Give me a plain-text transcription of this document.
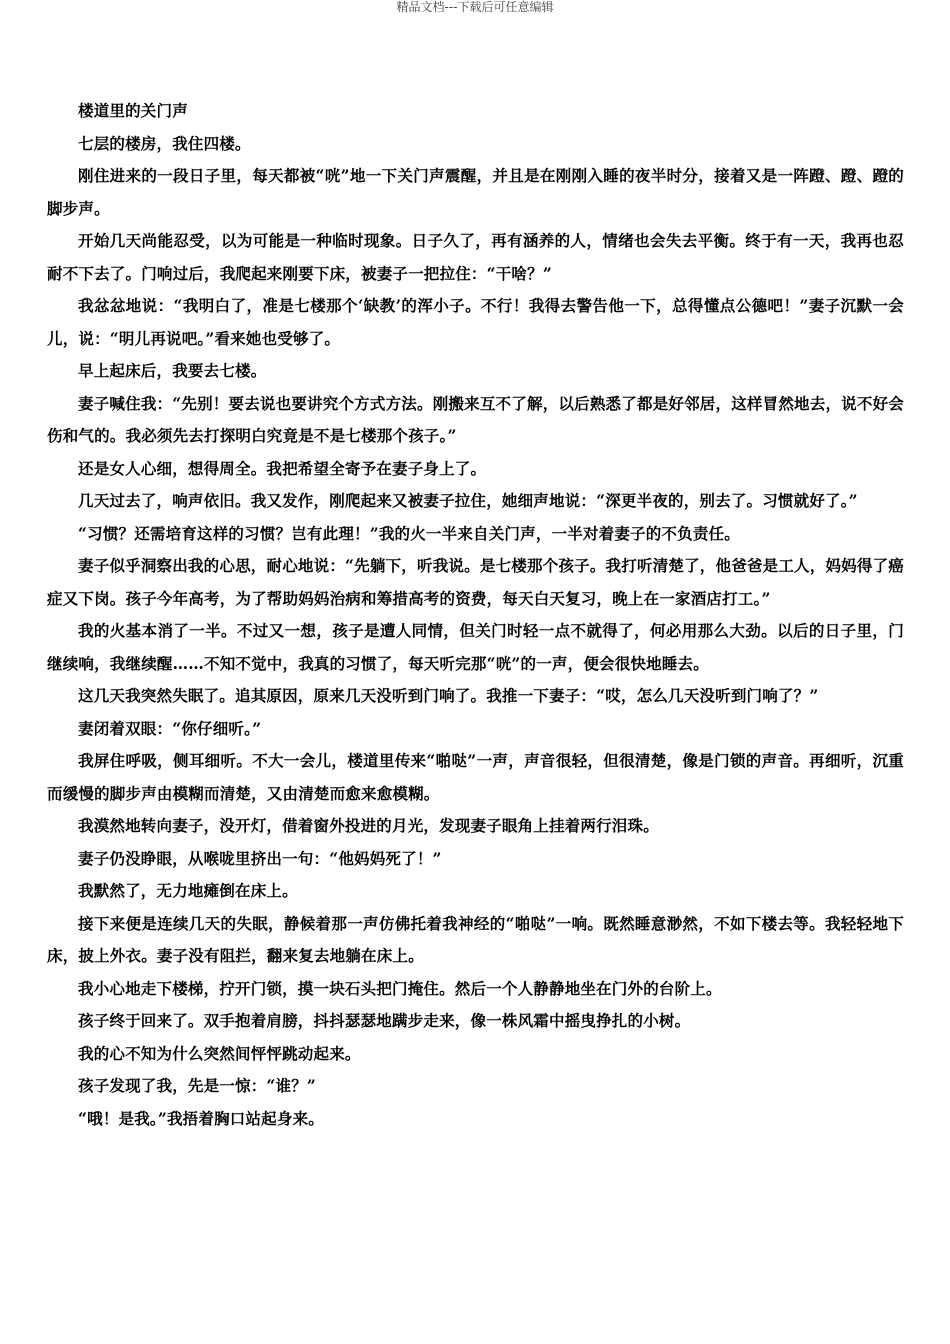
精品文档---下载后可任意编辑

楼道里的关门声

七层的楼房，我住四楼。

刚住进来的一段日子里，每天都被“咣”地一下关门声震醒，并且是在刚刚入睡的夜半时分，接着又是一阵蹬、蹬、蹬的脚步声。

开始几天尚能忍受，以为可能是一种临时现象。日子久了，再有涵养的人，情绪也会失去平衡。终于有一天，我再也忍耐不下去了。门响过后，我爬起来刚要下床，被妻子一把拉住：“干啥？”

我忿忿地说：“我明白了，准是七楼那个‘缺教’的浑小子。不行！我得去警告他一下，总得懂点公德吧！”妻子沉默一会儿，说：“明儿再说吧。”看来她也受够了。

早上起床后，我要去七楼。

妻子喊住我：“先别！要去说也要讲究个方式方法。刚搬来互不了解，以后熟悉了都是好邻居，这样冒然地去，说不好会伤和气的。我必须先去打探明白究竟是不是七楼那个孩子。”

还是女人心细，想得周全。我把希望全寄予在妻子身上了。

几天过去了，响声依旧。我又发作，刚爬起来又被妻子拉住，她细声地说：“深更半夜的，别去了。习惯就好了。”

“习惯？还需培育这样的习惯？岂有此理！”我的火一半来自关门声，一半对着妻子的不负责任。

妻子似乎洞察出我的心思，耐心地说：“先躺下，听我说。是七楼那个孩子。我打听清楚了，他爸爸是工人，妈妈得了癌症又下岗。孩子今年高考，为了帮助妈妈治病和筹措高考的资费，每天白天复习，晚上在一家酒店打工。”

我的火基本消了一半。不过又一想，孩子是遭人同情，但关门时轻一点不就得了，何必用那么大劲。以后的日子里，门继续响，我继续醒……不知不觉中，我真的习惯了，每天听完那“咣”的一声，便会很快地睡去。

这几天我突然失眠了。追其原因，原来几天没听到门响了。我推一下妻子：“哎，怎么几天没听到门响了？”

妻闭着双眼：“你仔细听。”

我屏住呼吸，侧耳细听。不大一会儿，楼道里传来“啪哒”一声，声音很轻，但很清楚，像是门锁的声音。再细听，沉重而缓慢的脚步声由模糊而清楚，又由清楚而愈来愈模糊。

我漠然地转向妻子，没开灯，借着窗外投进的月光，发现妻子眼角上挂着两行泪珠。

妻子仍没睁眼，从喉咙里挤出一句：“他妈妈死了！”

我默然了，无力地瘫倒在床上。

接下来便是连续几天的失眠，静候着那一声仿佛托着我神经的“啪哒”一响。既然睡意渺然，不如下楼去等。我轻轻地下床，披上外衣。妻子没有阻拦，翻来复去地躺在床上。

我小心地走下楼梯，拧开门锁，摸一块石头把门掩住。然后一个人静静地坐在门外的台阶上。

孩子终于回来了。双手抱着肩膀，抖抖瑟瑟地蹒步走来，像一株风霜中摇曳挣扎的小树。

我的心不知为什么突然间怦怦跳动起来。

孩子发现了我，先是一惊：“谁？”

“哦！是我。”我捂着胸口站起身来。
